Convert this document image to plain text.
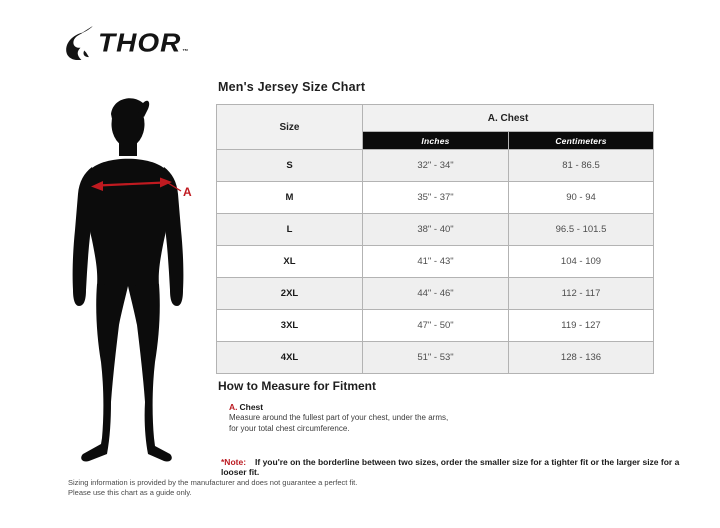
THOR ™
A
Men's Jersey Size Chart
Size	A. Chest	
	Inches	Centimeters
S	32" - 34"	81 - 86.5
M	35" - 37"	90 - 94
L	38" - 40"	96.5 - 101.5
XL	41" - 43"	104 - 109
2XL	44" - 46"	112 - 117
3XL	47" - 50"	119 - 127
4XL	51" - 53"	128 - 136
How to Measure for Fitment
A. Chest
Measure around the fullest part of your chest, under the arms, for your total chest circumference.
*Note: If you're on the borderline between two sizes, order the smaller size for a tighter fit or the larger size for a looser fit.
Sizing information is provided by the manufacturer and does not guarantee a perfect fit.
Please use this chart as a guide only.
